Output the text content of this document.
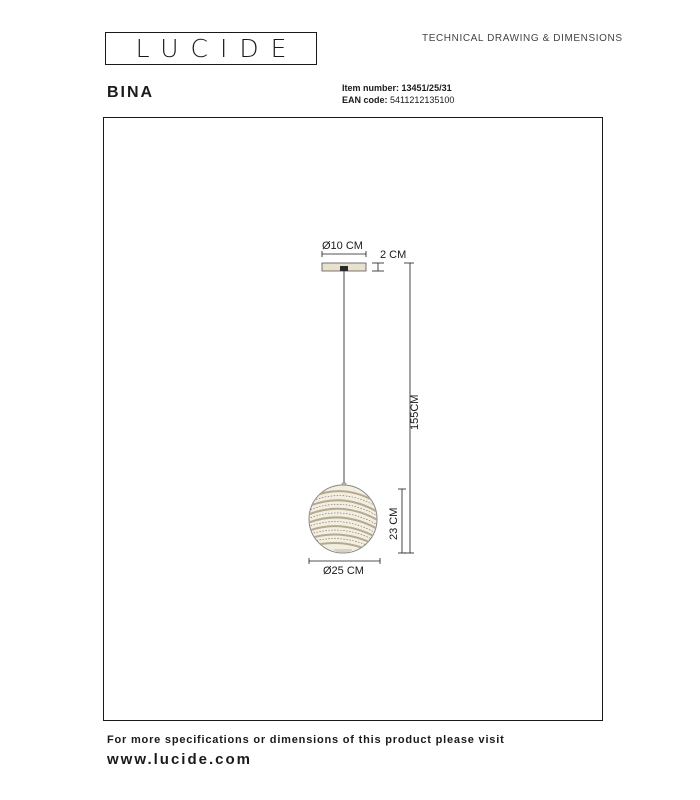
LUCIDE	TECHNICAL DRAWING & DIMENSIONS
BINA	Item number: 13451/25/31
EAN code: 5411212135100
Ø10 CM
2 CM
155CM
23 CM
Ø25 CM
For more specifications or dimensions of this product please visit
www.lucide.com
